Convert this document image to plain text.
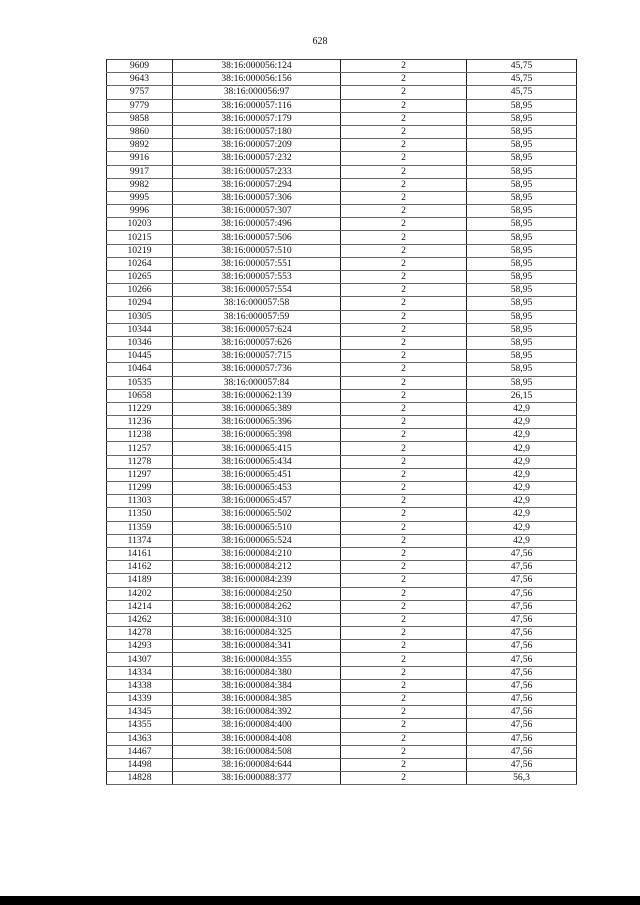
628
9609	38:16:000056:124	2	45,75
9643	38:16:000056:156	2	45,75
9757	38:16:000056:97	2	45,75
9779	38:16:000057:116	2	58,95
9858	38:16:000057:179	2	58,95
9860	38:16:000057:180	2	58,95
9892	38:16:000057:209	2	58,95
9916	38:16:000057:232	2	58,95
9917	38:16:000057:233	2	58,95
9982	38:16:000057:294	2	58,95
9995	38:16:000057:306	2	58,95
9996	38:16:000057:307	2	58,95
10203	38:16:000057:496	2	58,95
10215	38:16:000057:506	2	58,95
10219	38:16:000057:510	2	58,95
10264	38:16:000057:551	2	58,95
10265	38:16:000057:553	2	58,95
10266	38:16:000057:554	2	58,95
10294	38:16:000057:58	2	58,95
10305	38:16:000057:59	2	58,95
10344	38:16:000057:624	2	58,95
10346	38:16:000057:626	2	58,95
10445	38:16:000057:715	2	58,95
10464	38:16:000057:736	2	58,95
10535	38:16:000057:84	2	58,95
10658	38:16:000062:139	2	26,15
11229	38:16:000065:389	2	42,9
11236	38:16:000065:396	2	42,9
11238	38:16:000065:398	2	42,9
11257	38:16:000065:415	2	42,9
11278	38:16:000065:434	2	42,9
11297	38:16:000065:451	2	42,9
11299	38:16:000065:453	2	42,9
11303	38:16:000065:457	2	42,9
11350	38:16:000065:502	2	42,9
11359	38:16:000065:510	2	42,9
11374	38:16:000065:524	2	42,9
14161	38:16:000084:210	2	47,56
14162	38:16:000084:212	2	47,56
14189	38:16:000084:239	2	47,56
14202	38:16:000084:250	2	47,56
14214	38:16:000084:262	2	47,56
14262	38:16:000084:310	2	47,56
14278	38:16:000084:325	2	47,56
14293	38:16:000084:341	2	47,56
14307	38:16:000084:355	2	47,56
14334	38:16:000084:380	2	47,56
14338	38:16:000084:384	2	47,56
14339	38:16:000084:385	2	47,56
14345	38:16:000084:392	2	47,56
14355	38:16:000084:400	2	47,56
14363	38:16:000084:408	2	47,56
14467	38:16:000084:508	2	47,56
14498	38:16:000084:644	2	47,56
14828	38:16:000088:377	2	56,3
